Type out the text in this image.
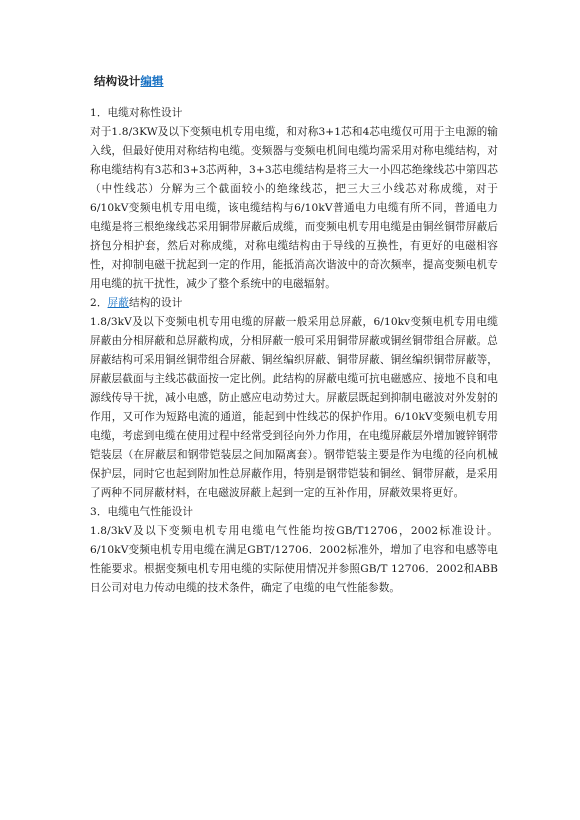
结构设计编辑

1．电缆对称性设计

对于1.8/3KW及以下变频电机专用电缆，和对称3+1芯和4芯电缆仅可用于主电源的输入线，但最好使用对称结构电缆。变频器与变频电机间电缆均需采用对称电缆结构，对称电缆结构有3芯和3+3芯两种，3+3芯电缆结构是将三大一小四芯绝缘线芯中第四芯（中性线芯）分解为三个截面较小的绝缘线芯，把三大三小线芯对称成缆，对于6/10kV变频电机专用电缆，该电缆结构与6/10kV普通电力电缆有所不同，普通电力电缆是将三根绝缘线芯采用铜带屏蔽后成缆，而变频电机专用电缆是由铜丝铜带屏蔽后挤包分相护套，然后对称成缆，对称电缆结构由于导线的互换性，有更好的电磁相容性，对抑制电磁干扰起到一定的作用，能抵消高次谐波中的奇次频率，提高变频电机专用电缆的抗干扰性，减少了整个系统中的电磁辐射。

2．屏蔽结构的设计

1.8/3kV及以下变频电机专用电缆的屏蔽一般采用总屏蔽，6/10kv变频电机专用电缆屏蔽由分相屏蔽和总屏蔽构成，分相屏蔽一般可采用铜带屏蔽或铜丝铜带组合屏蔽。总屏蔽结构可采用铜丝铜带组合屏蔽、铜丝编织屏蔽、铜带屏蔽、铜丝编织铜带屏蔽等，屏蔽层截面与主线芯截面按一定比例。此结构的屏蔽电缆可抗电磁感应、接地不良和电源线传导干扰，减小电感，防止感应电动势过大。屏蔽层既起到抑制电磁波对外发射的作用，又可作为短路电流的通道，能起到中性线芯的保护作用。6/10kV变频电机专用电缆，考虑到电缆在使用过程中经常受到径向外力作用，在电缆屏蔽层外增加镀锌钢带铠装层（在屏蔽层和钢带铠装层之间加隔离套）。钢带铠装主要是作为电缆的径向机械保护层，同时它也起到附加性总屏蔽作用，特别是钢带铠装和铜丝、铜带屏蔽，是采用了两种不同屏蔽材料，在电磁波屏蔽上起到一定的互补作用，屏蔽效果将更好。

3．电缆电气性能设计

1.8/3kV及以下变频电机专用电缆电气性能均按GB/T12706，2002标准设计。6/10kV变频电机专用电缆在满足GBT/12706．2002标准外，增加了电容和电感等电性能要求。根据变频电机专用电缆的实际使用情况并参照GB/T 12706．2002和ABB日公司对电力传动电缆的技术条件，确定了电缆的电气性能参数。
